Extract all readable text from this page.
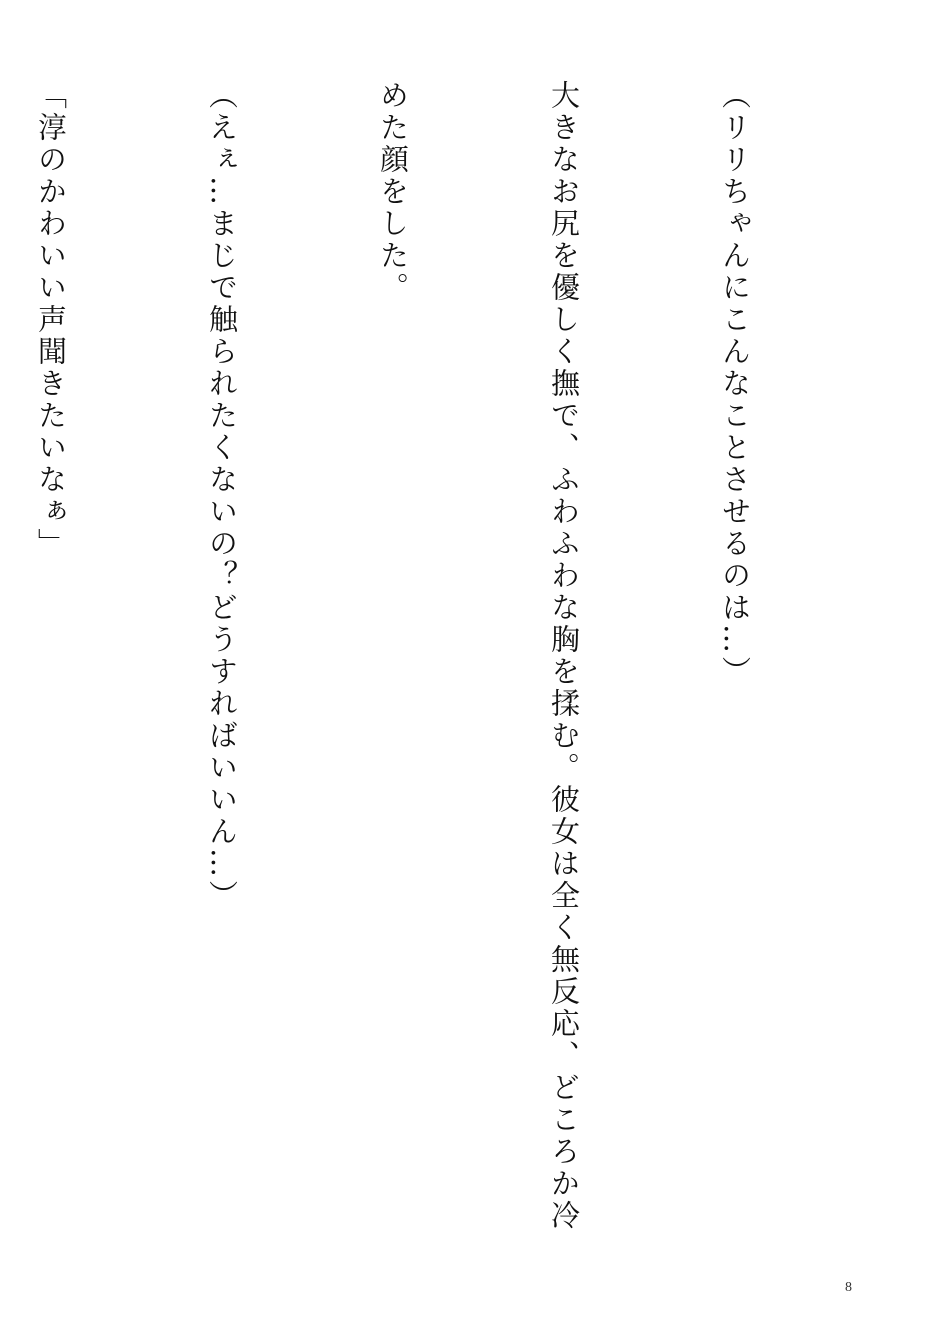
（リリちゃんにこんなことさせるのは…）

大きなお尻を優しく撫で、ふわふわな胸を揉む。彼女は全く無反応、どころか冷

めた顔をした。

（えぇ…まじで触られたくないの？どうすればいいん…）

「淳のかわいい声聞きたいなぁ」

8
